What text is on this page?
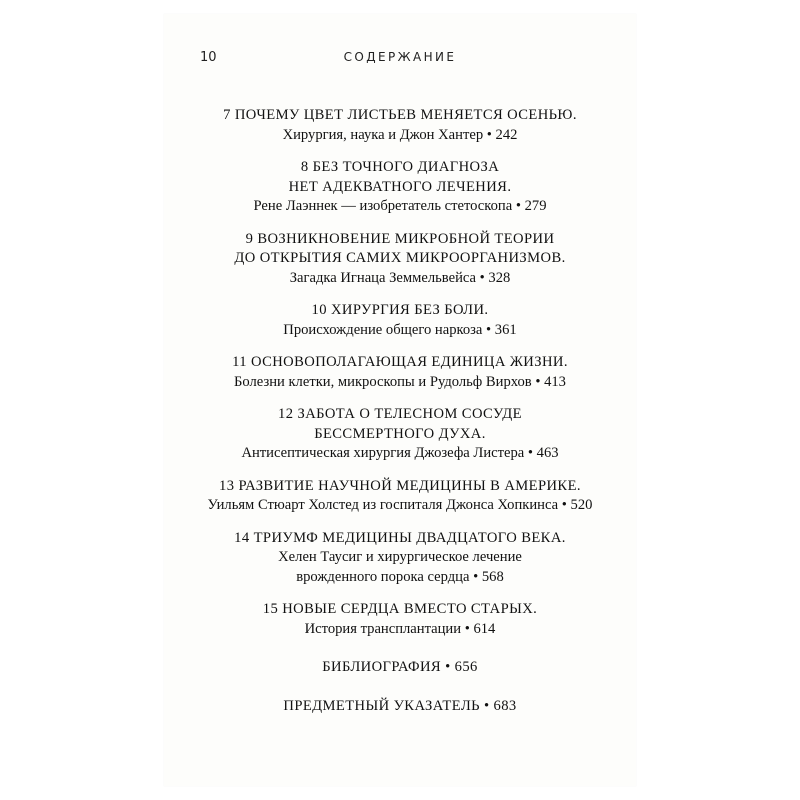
10	СОДЕРЖАНИЕ
7 ПОЧЕМУ ЦВЕТ ЛИСТЬЕВ МЕНЯЕТСЯ ОСЕНЬЮ.
Хирургия, наука и Джон Хантер • 242
8 БЕЗ ТОЧНОГО ДИАГНОЗА
НЕТ АДЕКВАТНОГО ЛЕЧЕНИЯ.
Рене Лаэннек — изобретатель стетоскопа • 279
9 ВОЗНИКНОВЕНИЕ МИКРОБНОЙ ТЕОРИИ
ДО ОТКРЫТИЯ САМИХ МИКРООРГАНИЗМОВ.
Загадка Игнаца Земмельвейса • 328
10 ХИРУРГИЯ БЕЗ БОЛИ.
Происхождение общего наркоза • 361
11 ОСНОВОПОЛАГАЮЩАЯ ЕДИНИЦА ЖИЗНИ.
Болезни клетки, микроскопы и Рудольф Вирхов • 413
12 ЗАБОТА О ТЕЛЕСНОМ СОСУДЕ
БЕССМЕРТНОГО ДУХА.
Антисептическая хирургия Джозефа Листера • 463
13 РАЗВИТИЕ НАУЧНОЙ МЕДИЦИНЫ В АМЕРИКЕ.
Уильям Стюарт Холстед из госпиталя Джонса Хопкинса • 520
14 ТРИУМФ МЕДИЦИНЫ ДВАДЦАТОГО ВЕКА.
Хелен Таусиг и хирургическое лечение
врожденного порока сердца • 568
15 НОВЫЕ СЕРДЦА ВМЕСТО СТАРЫХ.
История трансплантации • 614
БИБЛИОГРАФИЯ • 656
ПРЕДМЕТНЫЙ УКАЗАТЕЛЬ • 683
